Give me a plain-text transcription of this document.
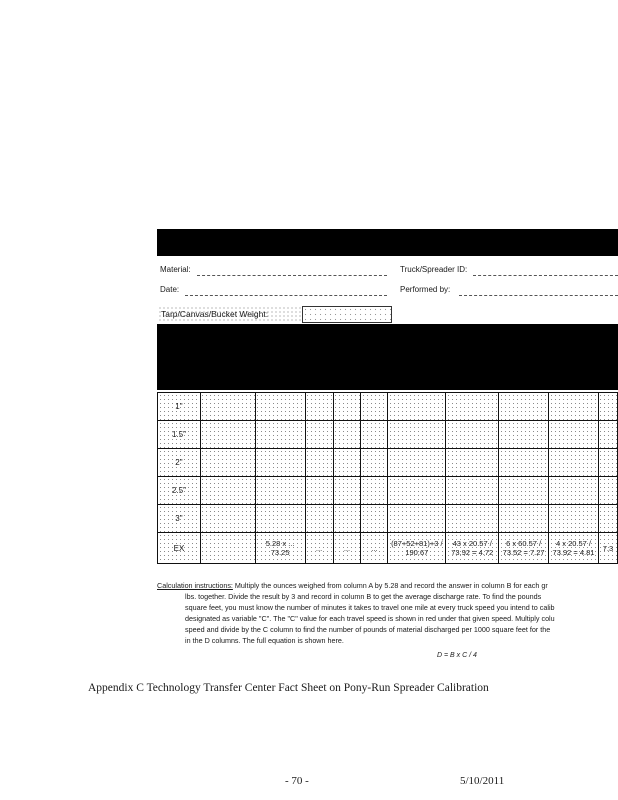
Material:	Truck/Spreader ID:
Date:	Performed by:
Tarp/Canvas/Bucket Weight:
1"										
1.5"										
2"										
2.5"										
3"										
EX		5.28 x ... 73.25	...	...	...	(87+52+81)+3 / 190.67	43 x 20.57 / 73.92 = 4.72	6 x 60.57 / 73.52 = 7.27	4 x 20.57 / 73.92 = 4.81	7.3

Calculation instructions: Multiply the ounces weighed from column A by 5.28 and record the answer in column B for each gr

lbs. together. Divide the result by 3 and record in column B to get the average discharge rate. To find the pounds

square feet, you must know the number of minutes it takes to travel one mile at every truck speed you intend to calib

designated as variable "C". The "C" value for each travel speed is shown in red under that given speed. Multiply colu

speed and divide by the C column to find the number of pounds of material discharged per 1000 square feet for the

in the D columns. The full equation is shown here.

D = B x C / 4
Appendix C Technology Transfer Center Fact Sheet on Pony-Run Spreader Calibration
- 70 -	5/10/2011
